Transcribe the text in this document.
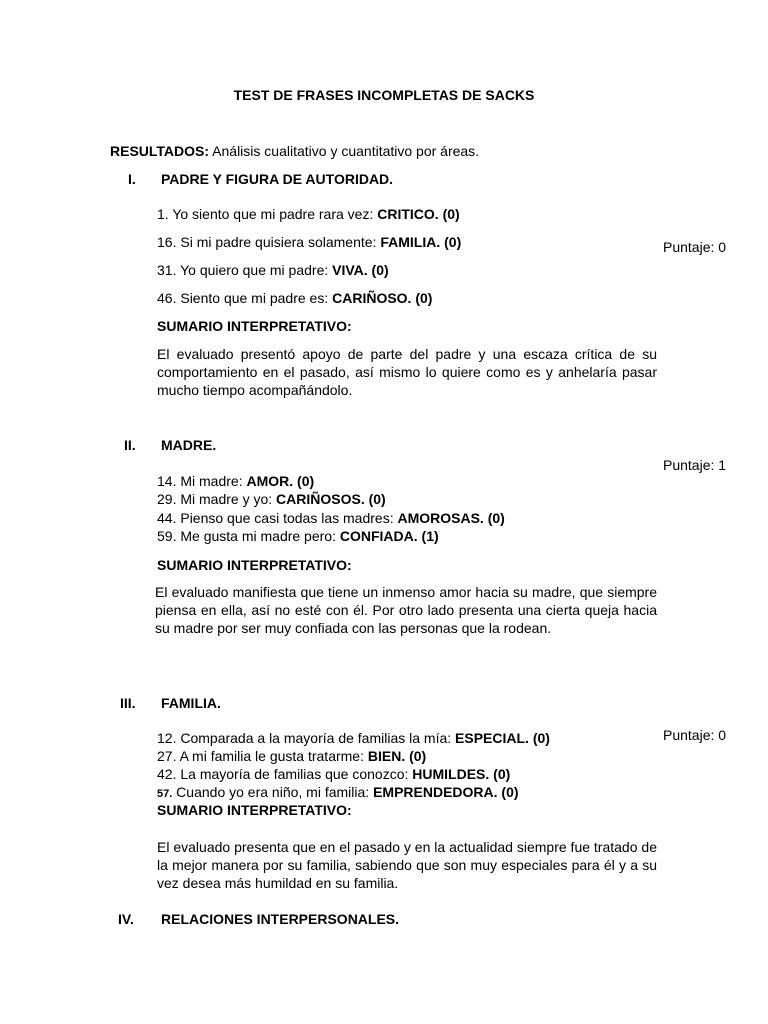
TEST DE FRASES INCOMPLETAS DE SACKS
RESULTADOS: Análisis cualitativo y cuantitativo por áreas.
I. PADRE Y FIGURA DE AUTORIDAD.
1. Yo siento que mi padre rara vez: CRITICO. (0)
16. Si mi padre quisiera solamente: FAMILIA. (0)
31. Yo quiero que mi padre: VIVA. (0)
46. Siento que mi padre es: CARIÑOSO. (0)
Puntaje: 0
SUMARIO INTERPRETATIVO:
El evaluado presentó apoyo de parte del padre y una escaza crítica de su comportamiento en el pasado, así mismo lo quiere como es y anhelaría pasar mucho tiempo acompañándolo.
II. MADRE.
Puntaje: 1
14. Mi madre: AMOR. (0)
29. Mi madre y yo: CARIÑOSOS. (0)
44. Pienso que casi todas las madres: AMOROSAS. (0)
59. Me gusta mi madre pero: CONFIADA. (1)
SUMARIO INTERPRETATIVO:
El evaluado manifiesta que tiene un inmenso amor hacia su madre, que siempre piensa en ella, así no esté con él. Por otro lado presenta una cierta queja hacia su madre por ser muy confiada con las personas que la rodean.
III. FAMILIA.
Puntaje: 0
12. Comparada a la mayoría de familias la mía: ESPECIAL. (0)
27. A mi familia le gusta tratarme: BIEN. (0)
42. La mayoría de familias que conozco: HUMILDES. (0)
57. Cuando yo era niño, mi familia: EMPRENDEDORA. (0)
SUMARIO INTERPRETATIVO:
El evaluado presenta que en el pasado y en la actualidad siempre fue tratado de la mejor manera por su familia, sabiendo que son muy especiales para él y a su vez desea más humildad en su familia.
IV. RELACIONES INTERPERSONALES.
